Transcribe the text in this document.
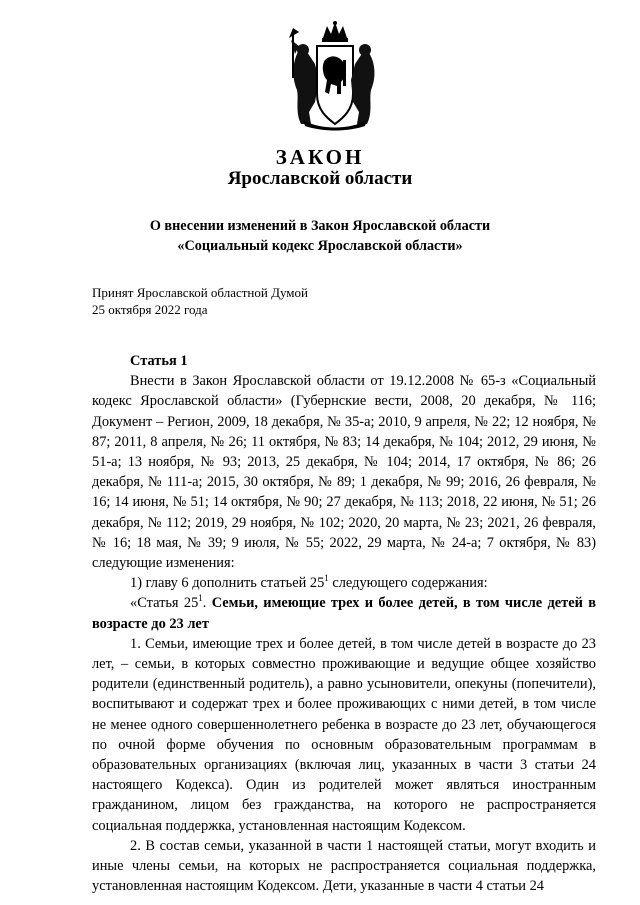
ЗАКОН
Ярославской области
О внесении изменений в Закон Ярославской области
«Социальный кодекс Ярославской области»
Принят Ярославской областной Думой
25 октября 2022 года

Статья 1

Внести в Закон Ярославской области от 19.12.2008 № 65-з «Социальный кодекс Ярославской области» (Губернские вести, 2008, 20 декабря, № 116; Документ – Регион, 2009, 18 декабря, № 35-а; 2010, 9 апреля, № 22; 12 ноября, № 87; 2011, 8 апреля, № 26; 11 октября, № 83; 14 декабря, № 104; 2012, 29 июня, № 51-а; 13 ноября, № 93; 2013, 25 декабря, № 104; 2014, 17 октября, № 86; 26 декабря, № 111-а; 2015, 30 октября, № 89; 1 декабря, № 99; 2016, 26 февраля, № 16; 14 июня, № 51; 14 октября, № 90; 27 декабря, № 113; 2018, 22 июня, № 51; 26 декабря, № 112; 2019, 29 ноября, № 102; 2020, 20 марта, № 23; 2021, 26 февраля, № 16; 18 мая, № 39; 9 июля, № 55; 2022, 29 марта, № 24-а; 7 октября, № 83) следующие изменения:

1) главу 6 дополнить статьей $25^1$ следующего содержания:

«Статья $25^1$. Семьи, имеющие трех и более детей, в том числе детей в возрасте до 23 лет

1. Семьи, имеющие трех и более детей, в том числе детей в возрасте до 23 лет, – семьи, в которых совместно проживающие и ведущие общее хозяйство родители (единственный родитель), а равно усыновители, опекуны (попечители), воспитывают и содержат трех и более проживающих с ними детей, в том числе не менее одного совершеннолетнего ребенка в возрасте до 23 лет, обучающегося по очной форме обучения по основным образовательным программам в образовательных организациях (включая лиц, указанных в части 3 статьи 24 настоящего Кодекса). Один из родителей может являться иностранным гражданином, лицом без гражданства, на которого не распространяется социальная поддержка, установленная настоящим Кодексом.

2. В состав семьи, указанной в части 1 настоящей статьи, могут входить и иные члены семьи, на которых не распространяется социальная поддержка, установленная настоящим Кодексом. Дети, указанные в части 4 статьи 24
